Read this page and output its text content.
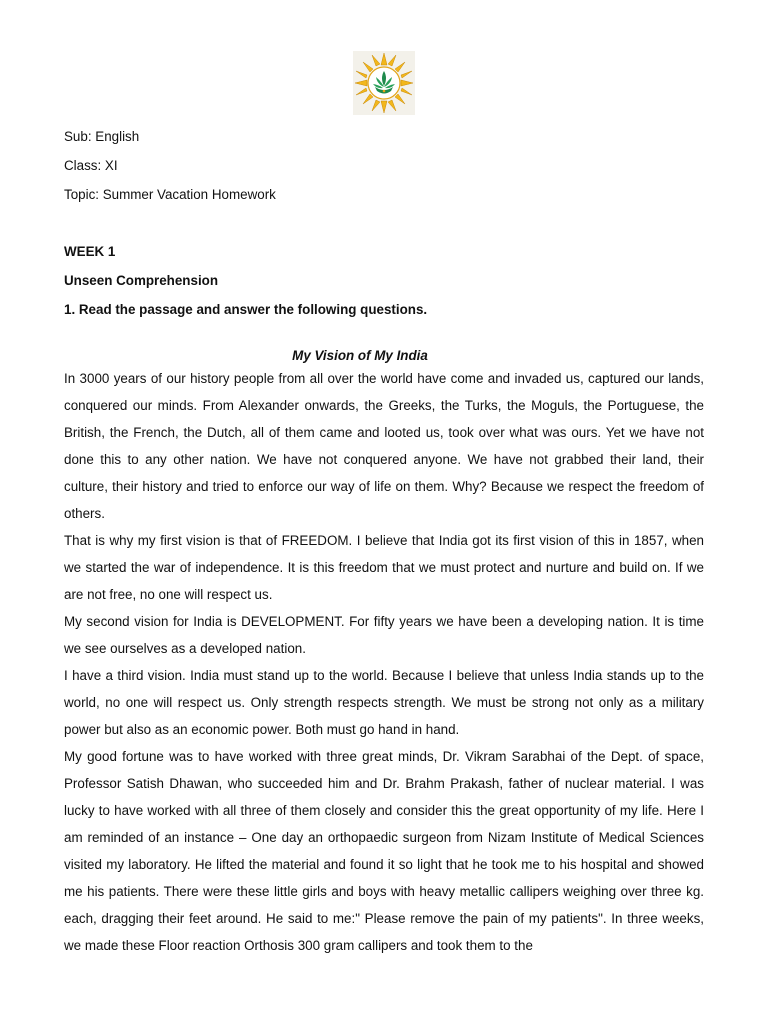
Sub: English

Class: XI

Topic: Summer Vacation Homework

WEEK 1

Unseen Comprehension

1. Read the passage and answer the following questions.

My Vision of My India

In 3000 years of our history people from all over the world have come and invaded us, captured our lands, conquered our minds. From Alexander onwards, the Greeks, the Turks, the Moguls, the Portuguese, the British, the French, the Dutch, all of them came and looted us, took over what was ours. Yet we have not done this to any other nation. We have not conquered anyone. We have not grabbed their land, their culture, their history and tried to enforce our way of life on them. Why? Because we respect the freedom of others.

That is why my first vision is that of FREEDOM. I believe that India got its first vision of this in 1857, when we started the war of independence. It is this freedom that we must protect and nurture and build on. If we are not free, no one will respect us.

My second vision for India is DEVELOPMENT. For fifty years we have been a developing nation. It is time we see ourselves as a developed nation.

I have a third vision. India must stand up to the world. Because I believe that unless India stands up to the world, no one will respect us. Only strength respects strength. We must be strong not only as a military power but also as an economic power. Both must go hand in hand.

My good fortune was to have worked with three great minds, Dr. Vikram Sarabhai of the Dept. of space, Professor Satish Dhawan, who succeeded him and Dr. Brahm Prakash, father of nuclear material. I was lucky to have worked with all three of them closely and consider this the great opportunity of my life. Here I am reminded of an instance – One day an orthopaedic surgeon from Nizam Institute of Medical Sciences visited my laboratory. He lifted the material and found it so light that he took me to his hospital and showed me his patients. There were these little girls and boys with heavy metallic callipers weighing over three kg. each, dragging their feet around. He said to me:" Please remove the pain of my patients". In three weeks, we made these Floor reaction Orthosis 300 gram callipers and took them to the
